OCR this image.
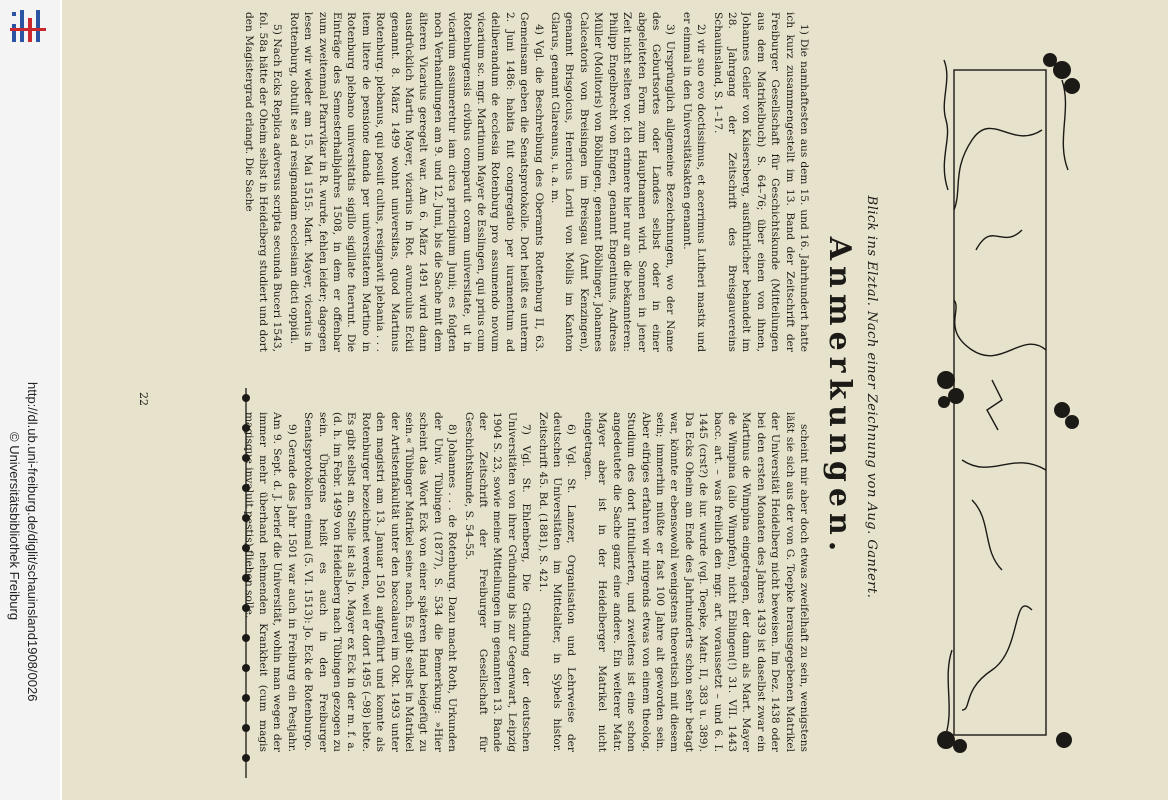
http://dl.ub.uni-freiburg.de/diglit/schauinsland1908/0026
© Universitätsbibliothek Freiburg	Blick ins Elztal. Nach einer Zeichnung von Aug. Gantert.
Anmerkungen.

1) Die namhaftesten aus dem 15. und 16. Jahrhundert hatte ich kurz zusammengestellt im 13. Band der Zeitschrift der Freiburger Gesellschaft für Geschichtskunde (Mitteilungen aus dem Matrikelbuch) S. 64–76; über einen von ihnen, Johannes Geiler von Kaisersberg, ausführlicher behandelt im 28. Jahrgang der Zeitschrift des Breisgauvereins Schauinsland, S. 1–17.

2) vir suo evo doctissimus, et acerrimus Lutheri mastix und er einmal in den Universitätsakten genannt.

3) Ursprünglich allgemeine Bezeichnungen, wo der Name des Geburtsortes oder Landes selbst oder in einer abgeleiteten Form zum Hauptnamen wird. Sonnen in jener Zeit nicht selten vor. Ich erinnere hier nur an die bekannteren: Philipp Engelbrecht von Engen, genannt Engentinus, Andreas Müller (Molitoris) von Böblingen, genannt Böblinger, Johannes Calceatoris von Breisingen im Breisgau (Amt Kenzingen), genannt Brisgoicus, Henricus Loriti von Mollis im Kanton Glarus, genannt Glareanus, u. a. m.

4) Vgl. die Beschreibung des Oberamts Rottenburg II, 63. Gemeinsam geben die Senatsprotokolle. Dort heißt es unterm 2. Juni 1486: habita fuit congregatio per iuramentum ad deliberandum de ecclesia Rotenburg pro assumendo novum vicarium sc. mgr. Martinum Mayer de Esslingen, qui prius cum Rotenburgensis civibus comparuit coram universitate, ut in vicarium assumeretur iam circa principium Junii; es folgten noch Verhandlungen am 9. und 12. Juni, bis die Sache mit dem älteren Vicarius geregelt war. Am 6. März 1491 wird dann ausdrücklich Martin Mayer, vicarius in Rot. avunculus Eckii genannt. 8. März 1499 wohnt universitas, quod Martinus Rotenburg. plebanus, qui posuit cultus, resignavit plebania . . . item litere de pensione danda per universitatem Martino in Rotenburg plebano universitatis sigillo sigillate fuerunt. Die Einträge des Semesterhalbjahres 1508, in dem er offenbar zum zweitenmal Pfarrvikar in R. wurde, fehlen leider; dagegen lesen wir wieder am 15. Mai 1515: Mart. Mayer, vicarius in Rottenburg, obtulit se ad resignandam ecclesiam dicti oppidi.

5) Nach Ecks Replica adversus scripta secunda Buceri 1543, fol. 58a hätte der Oheim selbst in Heidelberg studiert und dort den Magistergrad erlangt. Die Sache

scheint mir aber doch etwas zweifelhaft zu sein, wenigstens läßt sie sich aus der von G. Toepke herausgegebenen Matrikel der Universität Heidelberg nicht beweisen. Im Dez. 1438 oder bei den ersten Monaten des Jahres 1439 ist daselbst zwar ein Martinus de Wimpina eingetragen, der dann als Mart. Mayer de Wimpina (alio Wimpfen), nicht Eblingen(!) 31. VII. 1443 bacc. art. – was freilich den mgr. art. voraussetzt – und 6. I. 1445 (crst?) de iur. wurde (vgl. Toepke, Matr. II, 383 u. 389). Da Ecks Oheim am Ende des Jahrhunderts schon sehr betagt war, könnte er ebensowohl wenigstens theoretisch mit diesem sein; immerhin müßte er fast 100 Jahre alt geworden sein. Aber eifriges erfahren wir nirgends etwas von einem theolog. Studium des dort Intitulierten, und zweitens ist eine schon angedeutete die Sache ganz eine andere. Ein weiterer Matr. Mayer aber ist in der Heidelberger Matrikel nicht eingetragen.

6) Vgl. St. Lanzer, Organisation und Lehrweise der deutschen Universitäten im Mittelalter, in Sybels histor. Zeitschrift 45. Bd. (1881), S. 421.

7) Vgl. St. Ehlenberg, Die Gründung der deutschen Universitäten von ihrer Gründung bis zur Gegenwart, Leipzig 1904 S. 23, sowie meine Mitteilungen im genannten 13. Bande der Zeitschrift der Freiburger Gesellschaft für Geschichtskunde, S. 54–55.

8) Johannes . . . de Rotenburg. Dazu macht Roth, Urkunden der Univ. Tübingen (1877), S. 534 die Bemerkung: »Hier scheint das Wort Eck von einer späteren Hand beigefügt zu sein.« Tübinger Matrikel sein« nach. Es gibt selbst in Matrikel der Artistenfakultät unter den baccalaurei im Okt. 1493 unter den magistri am 13. Januar 1501 aufgeführt und konnte als Rotenburger bezeichnet werden, weil er dort 1495 (–98) lebte. Es gibt selbst an. Stelle ist als Jo. Mayer ex Eck in der m. f. a. (d. h. im Febr. 1499 von Heidelberg nach Tübingen gezogen zu sein. Übrigens heißt es auch in den Freiburger Senatsprotokollen einmal (5. VI. 1513): Jo. Eck de Rotenburgo.

9) Gerade das Jahr 1501 war auch in Freiburg ein Pestjahr. Am 9. Sept. d. J. berief die Universität, wohin man wegen der immer mehr überhand nehmenden Krankheit (cum magis magisque invaluit pestis) fliehen solle.

22
